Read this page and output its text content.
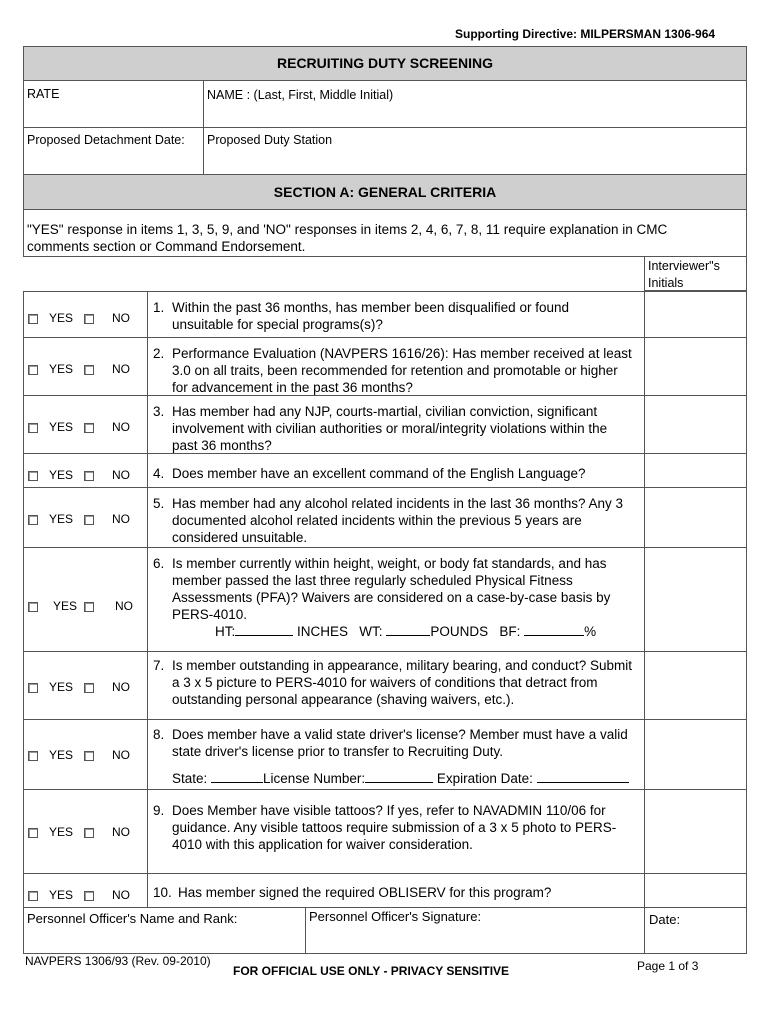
Supporting Directive: MILPERSMAN 1306-964
RECRUITING DUTY SCREENING
RATE	NAME : (Last, First, Middle Initial)
Proposed Detachment Date: Proposed Duty Station
SECTION A: GENERAL CRITERIA
"YES" response in items 1, 3, 5, 9, and 'NO" responses in items 2, 4, 6, 7, 8, 11 require explanation in CMC comments section or Command Endorsement.
Interviewer"s Initials
YES	NO
1. Within the past 36 months, has member been disqualified or found unsuitable for special programs(s)?
YES	NO
2. Performance Evaluation (NAVPERS 1616/26): Has member received at least 3.0 on all traits, been recommended for retention and promotable or higher for advancement in the past 36 months?
YES	NO
3. Has member had any NJP, courts-martial, civilian conviction, significant involvement with civilian authorities or moral/integrity violations within the past 36 months?
YES	NO 4. Does member have an excellent command of the English Language?
YES	NO
5. Has member had any alcohol related incidents in the last 36 months? Any 3 documented alcohol related incidents within the previous 5 years are considered unsuitable.
YES	NO
6. Is member currently within height, weight, or body fat standards, and has member passed the last three regularly scheduled Physical Fitness Assessments (PFA)? Waivers are considered on a case-by-case basis by PERS-4010.
HT:	INCHES WT:	POUNDS BF:	%
YES	NO
7. Is member outstanding in appearance, military bearing, and conduct? Submit a 3 x 5 picture to PERS-4010 for waivers of conditions that detract from outstanding personal appearance (shaving waivers, etc.).
YES	NO
8. Does member have a valid state driver's license? Member must have a valid state driver's license prior to transfer to Recruiting Duty.
State:	License Number:	Expiration Date:
YES	NO
9. Does Member have visible tattoos? If yes, refer to NAVADMIN 110/06 for guidance. Any visible tattoos require submission of a 3 x 5 photo to PERS-4010 with this application for waiver consideration.
YES	NO 10. Has member signed the required OBLISERV for this program?
Personnel Officer's Name and Rank:	Personnel Officer's Signature:	Date:
NAVPERS 1306/93 (Rev. 09-2010)
FOR OFFICIAL USE ONLY - PRIVACY SENSITIVE	Page 1 of 3
